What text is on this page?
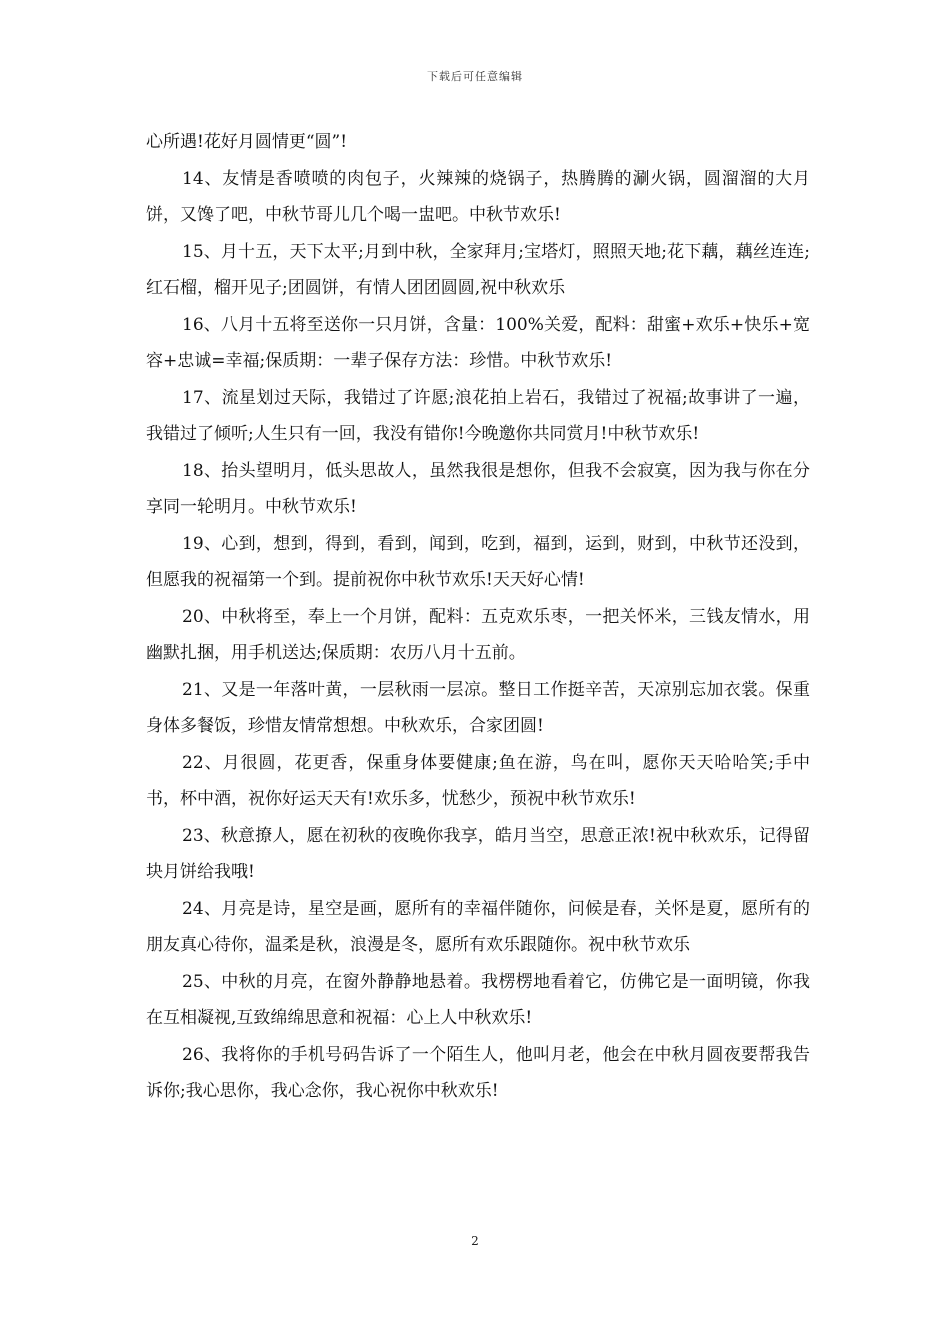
下载后可任意编辑

心所遇!花好月圆情更“圆”!

14、友情是香喷喷的肉包子，火辣辣的烧锅子，热腾腾的涮火锅，圆溜溜的大月饼，又馋了吧，中秋节哥儿几个喝一盅吧。中秋节欢乐!

15、月十五，天下太平;月到中秋，全家拜月;宝塔灯，照照天地;花下藕，藕丝连连;红石榴，榴开见子;团圆饼，有情人团团圆圆,祝中秋欢乐

16、八月十五将至送你一只月饼，含量：100%关爱，配料：甜蜜+欢乐+快乐+宽容+忠诚=幸福;保质期：一辈子保存方法：珍惜。中秋节欢乐!

17、流星划过天际，我错过了许愿;浪花拍上岩石，我错过了祝福;故事讲了一遍，我错过了倾听;人生只有一回，我没有错你!今晚邀你共同赏月!中秋节欢乐!

18、抬头望明月，低头思故人，虽然我很是想你，但我不会寂寞，因为我与你在分享同一轮明月。中秋节欢乐!

19、心到，想到，得到，看到，闻到，吃到，福到，运到，财到，中秋节还没到，但愿我的祝福第一个到。提前祝你中秋节欢乐!天天好心情!

20、中秋将至，奉上一个月饼，配料：五克欢乐枣，一把关怀米，三钱友情水，用幽默扎捆，用手机送达;保质期：农历八月十五前。

21、又是一年落叶黄，一层秋雨一层凉。整日工作挺辛苦，天凉别忘加衣裳。保重身体多餐饭，珍惜友情常想想。中秋欢乐，合家团圆!

22、月很圆，花更香，保重身体要健康;鱼在游，鸟在叫，愿你天天哈哈笑;手中书，杯中酒，祝你好运天天有!欢乐多，忧愁少，预祝中秋节欢乐!

23、秋意撩人，愿在初秋的夜晚你我享，皓月当空，思意正浓!祝中秋欢乐，记得留块月饼给我哦!

24、月亮是诗，星空是画，愿所有的幸福伴随你，问候是春，关怀是夏，愿所有的朋友真心待你，温柔是秋，浪漫是冬，愿所有欢乐跟随你。祝中秋节欢乐

25、中秋的月亮，在窗外静静地悬着。我楞楞地看着它，仿佛它是一面明镜，你我在互相凝视,互致绵绵思意和祝福：心上人中秋欢乐!

26、我将你的手机号码告诉了一个陌生人，他叫月老，他会在中秋月圆夜要帮我告诉你;我心思你，我心念你，我心祝你中秋欢乐!

2
